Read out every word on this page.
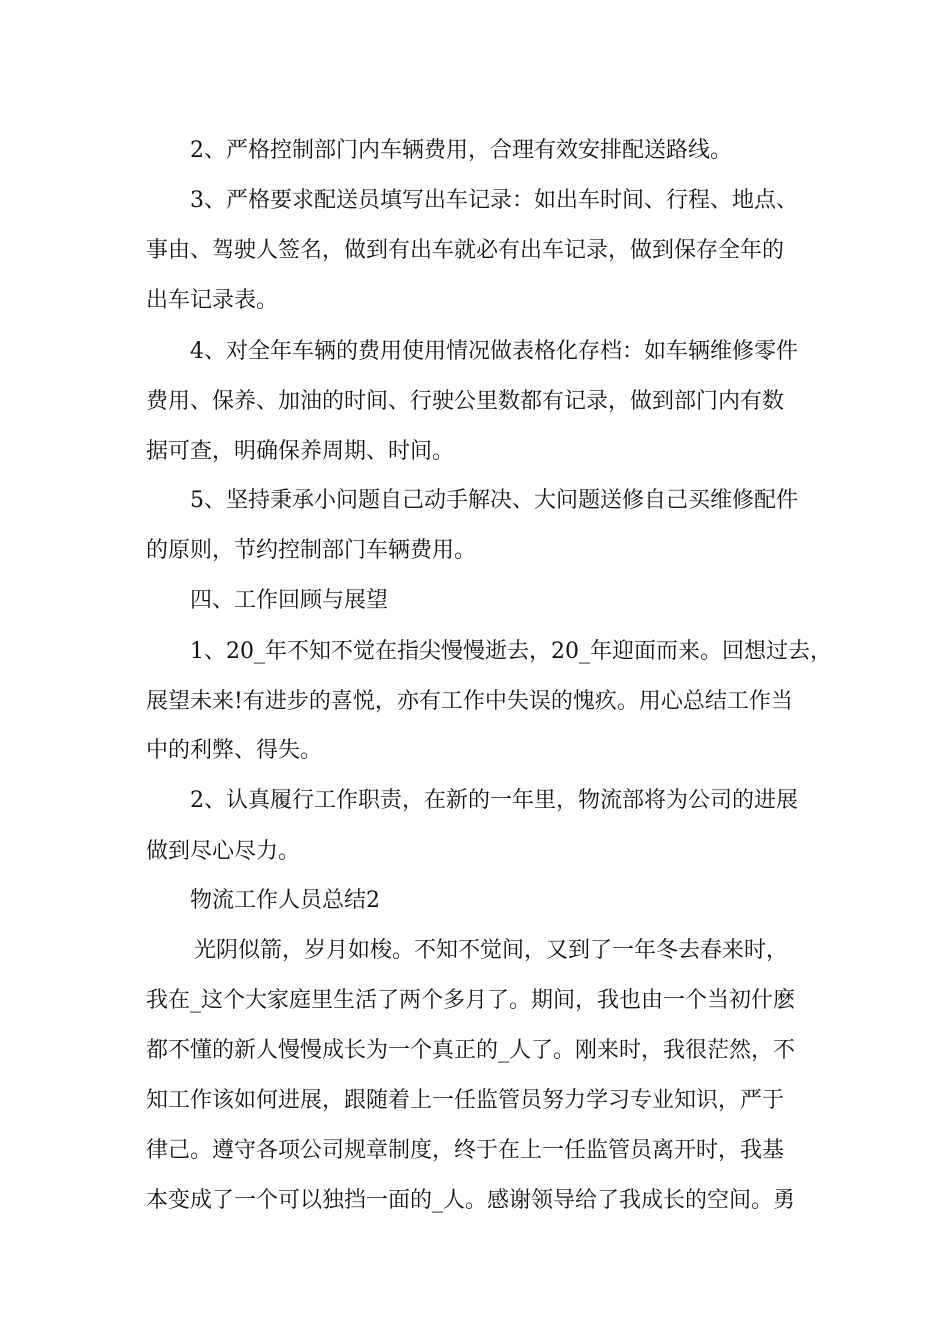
2、严格控制部门内车辆费用，合理有效安排配送路线。
3、严格要求配送员填写出车记录：如出车时间、行程、地点、
事由、驾驶人签名，做到有出车就必有出车记录，做到保存全年的
出车记录表。
4、对全年车辆的费用使用情况做表格化存档：如车辆维修零件
费用、保养、加油的时间、行驶公里数都有记录，做到部门内有数
据可查，明确保养周期、时间。
5、坚持秉承小问题自己动手解决、大问题送修自己买维修配件
的原则，节约控制部门车辆费用。
四、工作回顾与展望
1、20_年不知不觉在指尖慢慢逝去，20_年迎面而来。回想过去，
展望未来!有进步的喜悦，亦有工作中失误的愧疚。用心总结工作当
中的利弊、得失。
2、认真履行工作职责，在新的一年里，物流部将为公司的进展
做到尽心尽力。
物流工作人员总结2
光阴似箭，岁月如梭。不知不觉间，又到了一年冬去春来时，
我在_这个大家庭里生活了两个多月了。期间，我也由一个当初什麽
都不懂的新人慢慢成长为一个真正的_人了。刚来时，我很茫然，不
知工作该如何进展，跟随着上一任监管员努力学习专业知识，严于
律己。遵守各项公司规章制度，终于在上一任监管员离开时，我基
本变成了一个可以独挡一面的_人。感谢领导给了我成长的空间。勇
